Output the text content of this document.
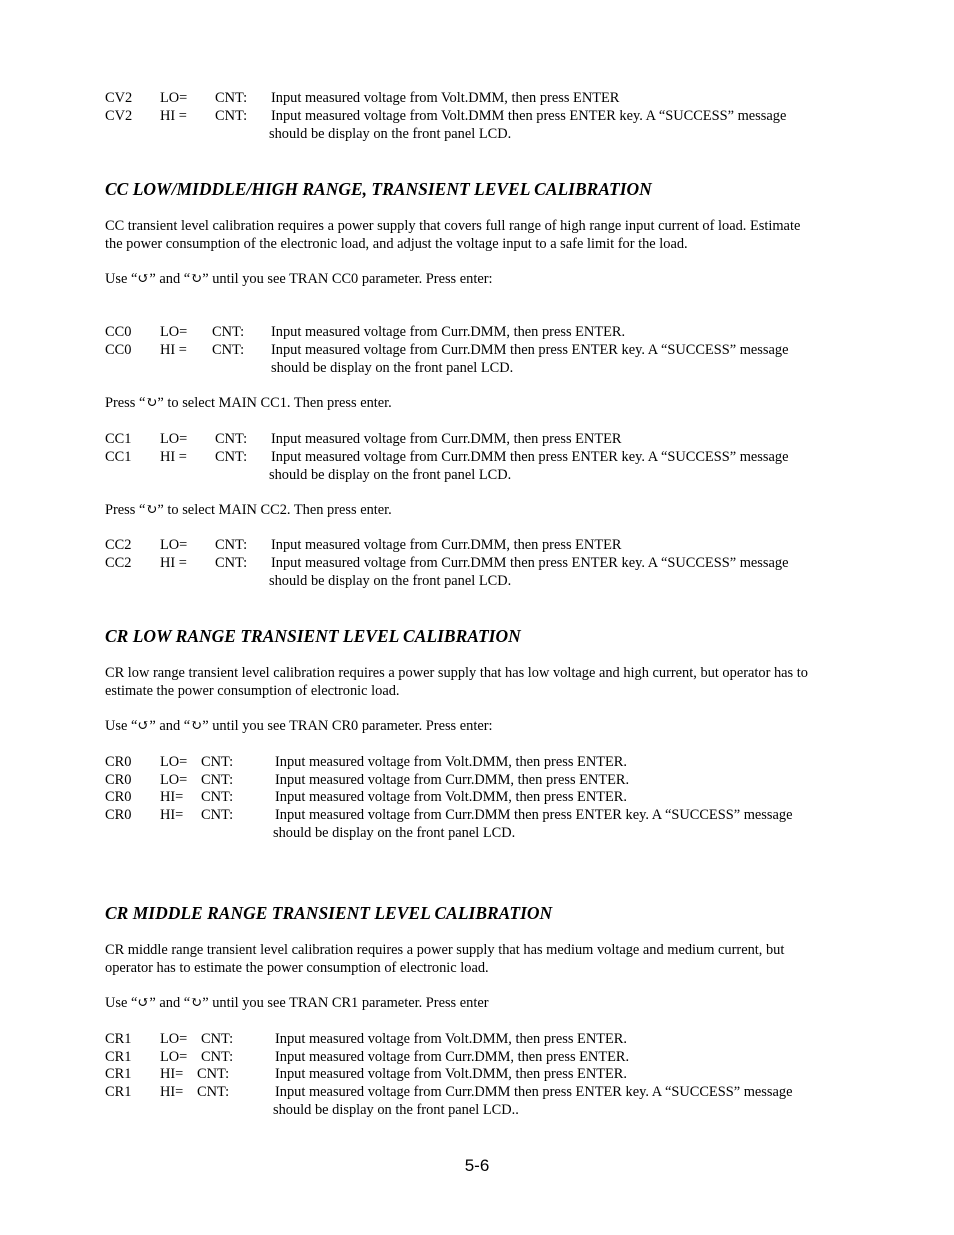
CV2 LO= CNT: Input measured voltage from Volt.DMM, then press ENTER
CV2 HI = CNT: Input measured voltage from Volt.DMM then press ENTER key. A “SUCCESS” message
should be display on the front panel LCD.
CC LOW/MIDDLE/HIGH RANGE, TRANSIENT LEVEL CALIBRATION
CC transient level calibration requires a power supply that covers full range of high range input current of load. Estimate
the power consumption of the electronic load, and adjust the voltage input to a safe limit for the load.
Use “↺” and “↻” until you see TRAN CC0 parameter. Press enter:
CC0 LO= CNT: Input measured voltage from Curr.DMM, then press ENTER.
CC0 HI = CNT: Input measured voltage from Curr.DMM then press ENTER key. A “SUCCESS” message
should be display on the front panel LCD.
Press “↻” to select MAIN CC1. Then press enter.
CC1 LO= CNT: Input measured voltage from Curr.DMM, then press ENTER
CC1 HI = CNT: Input measured voltage from Curr.DMM then press ENTER key. A “SUCCESS” message
should be display on the front panel LCD.
Press “↻” to select MAIN CC2. Then press enter.
CC2 LO= CNT: Input measured voltage from Curr.DMM, then press ENTER
CC2 HI = CNT: Input measured voltage from Curr.DMM then press ENTER key. A “SUCCESS” message
should be display on the front panel LCD.
CR LOW RANGE TRANSIENT LEVEL CALIBRATION
CR low range transient level calibration requires a power supply that has low voltage and high current, but operator has to
estimate the power consumption of electronic load.
Use “↺” and “↻” until you see TRAN CR0 parameter. Press enter:
CR0 LO= CNT:	Input measured voltage from Volt.DMM, then press ENTER.
CR0 LO= CNT:	Input measured voltage from Curr.DMM, then press ENTER.
CR0 HI= CNT:	Input measured voltage from Volt.DMM, then press ENTER.
CR0 HI= CNT:	Input measured voltage from Curr.DMM then press ENTER key. A “SUCCESS” message
should be display on the front panel LCD.
CR MIDDLE RANGE TRANSIENT LEVEL CALIBRATION
CR middle range transient level calibration requires a power supply that has medium voltage and medium current, but
operator has to estimate the power consumption of electronic load.
Use “↺” and “↻” until you see TRAN CR1 parameter. Press enter
CR1 LO= CNT:	Input measured voltage from Volt.DMM, then press ENTER.
CR1 LO= CNT:	Input measured voltage from Curr.DMM, then press ENTER.
CR1 HI= CNT:	Input measured voltage from Volt.DMM, then press ENTER.
CR1 HI= CNT:	Input measured voltage from Curr.DMM then press ENTER key. A “SUCCESS” message
should be display on the front panel LCD..
5-6
